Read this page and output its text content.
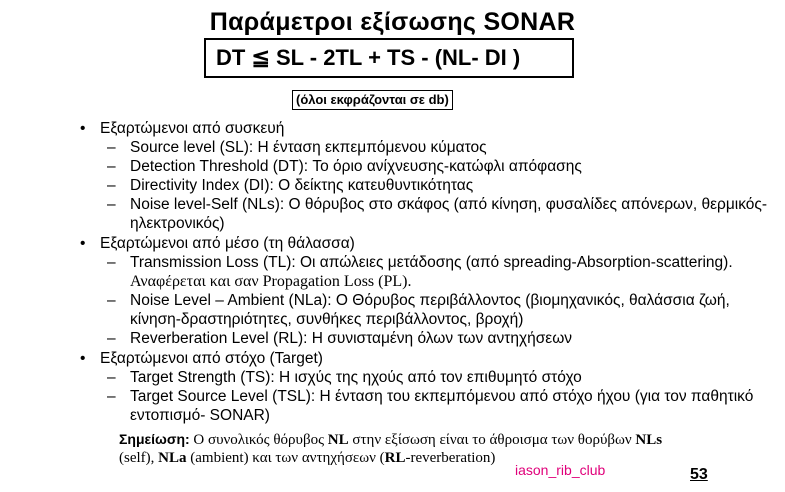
Παράμετροι εξίσωσης SONAR
DT ≦ SL - 2TL + TS - (NL- DI )
(όλοι εκφράζονται σε db)
• Εξαρτώμενοι από συσκευή
– Source level (SL): Η ένταση εκπεμπόμενου κύματος
– Detection Threshold (DT): Το όριο ανίχνευσης-κατώφλι απόφασης
– Directivity Index (DI): Ο δείκτης κατευθυντικότητας
– Noise level-Self (NLs): Ο θόρυβος στο σκάφος (από κίνηση, φυσαλίδες απόνερων, θερμικός-ηλεκτρονικός)
• Εξαρτώμενοι από μέσο (τη θάλασσα)
– Transmission Loss (TL): Οι απώλειες μετάδοσης (από spreading-Absorption-scattering). Αναφέρεται και σαν Propagation Loss (PL).
– Noise Level – Ambient (NLa): Ο Θόρυβος περιβάλλοντος (βιομηχανικός, θαλάσσια ζωή, κίνηση-δραστηριότητες, συνθήκες περιβάλλοντος, βροχή)
– Reverberation Level (RL): Η συνισταμένη όλων των αντηχήσεων
• Εξαρτώμενοι από στόχο (Target)
– Target Strength (TS): Η ισχύς της ηχούς από τον επιθυμητό στόχο
– Target Source Level (TSL): Η ένταση του εκπεμπόμενου από στόχο ήχου (για τον παθητικό εντοπισμό- SONAR)
Σημείωση: Ο συνολικός θόρυβος NL στην εξίσωση είναι το άθροισμα των θορύβων NLs (self), NLa (ambient) και των αντηχήσεων (RL-reverberation)
iason_rib_club	53
